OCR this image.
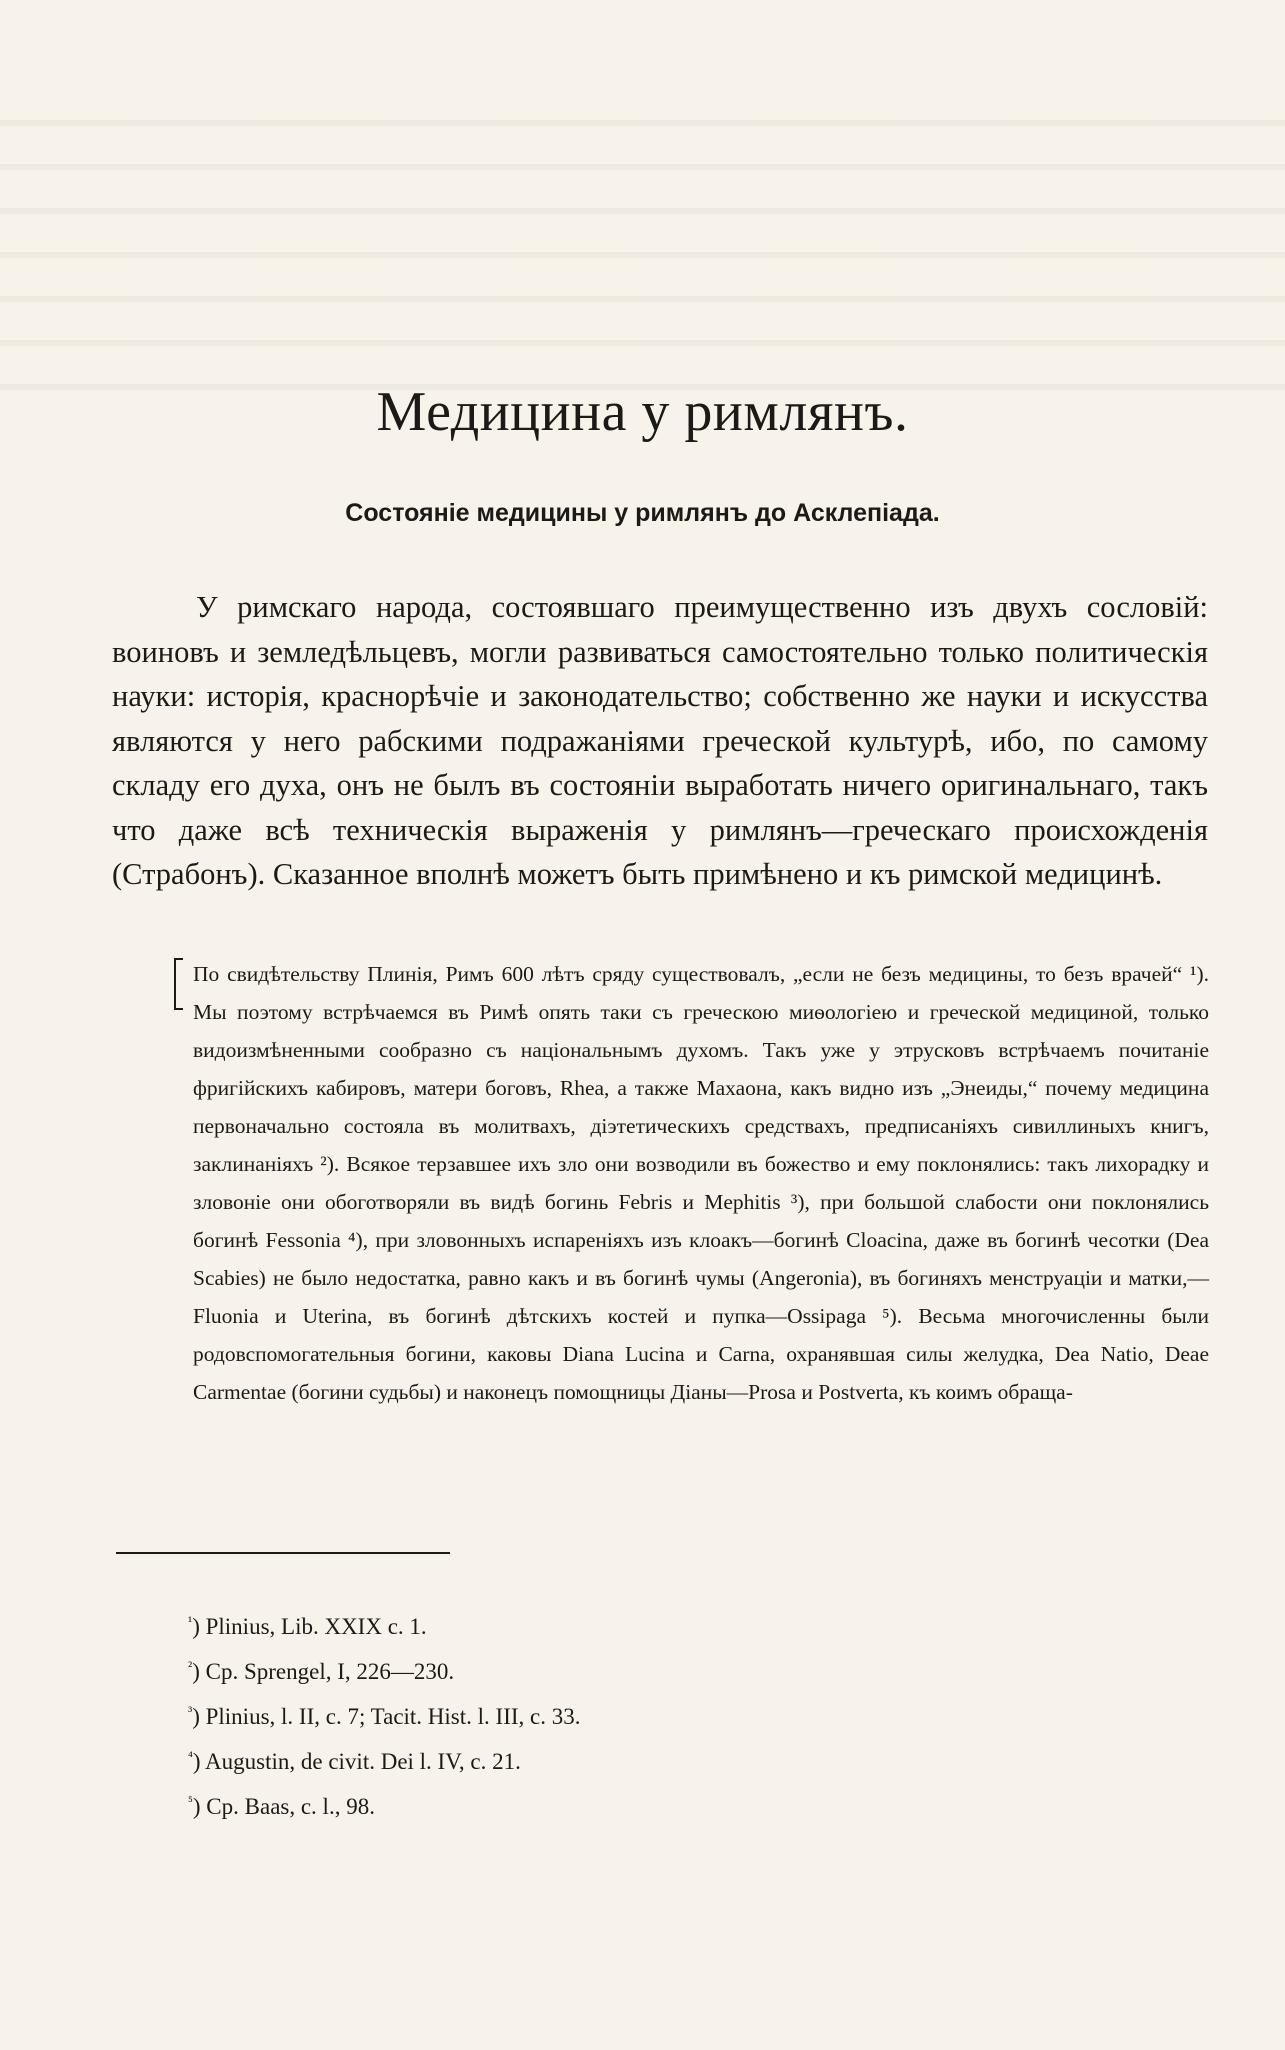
Медицина у римлянъ.
Состояніе медицины у римлянъ до Асклепіада.

У римскаго народа, состоявшаго преимущественно изъ двухъ сословій: воиновъ и земледѣльцевъ, могли развиваться самостоятельно только политическія науки: исторія, краснорѣчіе и законодательство; собственно же науки и искусства являются у него рабскими подражаніями греческой культурѣ, ибо, по самому складу его духа, онъ не былъ въ состояніи выработать ничего оригинальнаго, такъ что даже всѣ техническія выраженія у римлянъ—греческаго происхожденія (Страбонъ). Сказанное вполнѣ можетъ быть примѣнено и къ римской медицинѣ.

По свидѣтельству Плинія, Римъ 600 лѣтъ сряду существовалъ, „если не безъ медицины, то безъ врачей“ ¹). Мы поэтому встрѣчаемся въ Римѣ опять таки съ греческою миѳологіею и греческой медициной, только видоизмѣненными сообразно съ національнымъ духомъ. Такъ уже у этрусковъ встрѣчаемъ почитаніе фригійскихъ кабировъ, матери боговъ, Rhea, а также Махаона, какъ видно изъ „Энеиды,“ почему медицина первоначально состояла въ молитвахъ, діэтетическихъ средствахъ, предписаніяхъ сивиллиныхъ книгъ, заклинаніяхъ ²). Всякое терзавшее ихъ зло они возводили въ божество и ему поклонялись: такъ лихорадку и зловоніе они обоготворяли въ видѣ богинь Febris и Mephitis ³), при большой слабости они поклонялись богинѣ Fessonia ⁴), при зловонныхъ испареніяхъ изъ клоакъ—богинѣ Cloacina, даже въ богинѣ чесотки (Dea Scabies) не было недостатка, равно какъ и въ богинѣ чумы (Angeronia), въ богиняхъ менструаціи и матки,—Fluonia и Uterina, въ богинѣ дѣтскихъ костей и пупка—Ossipaga ⁵). Весьма многочисленны были родовспомогательныя богини, каковы Diana Lucina и Carna, охранявшая силы желудка, Dea Natio, Deae Carmentae (богини судьбы) и наконецъ помощницы Діаны—Prosa и Postverta, къ коимъ обраща-

$^{^1}$) Plinius, Lib. XXIX c. 1.
$^{^2}$) Cp. Sprengel, I, 226—230.
$^{^3}$) Plinius, l. II, c. 7; Tacit. Hist. l. III, c. 33.
$^{^4}$) Augustin, de civit. Dei l. IV, c. 21.
$^{^5}$) Cp. Baas, c. l., 98.
